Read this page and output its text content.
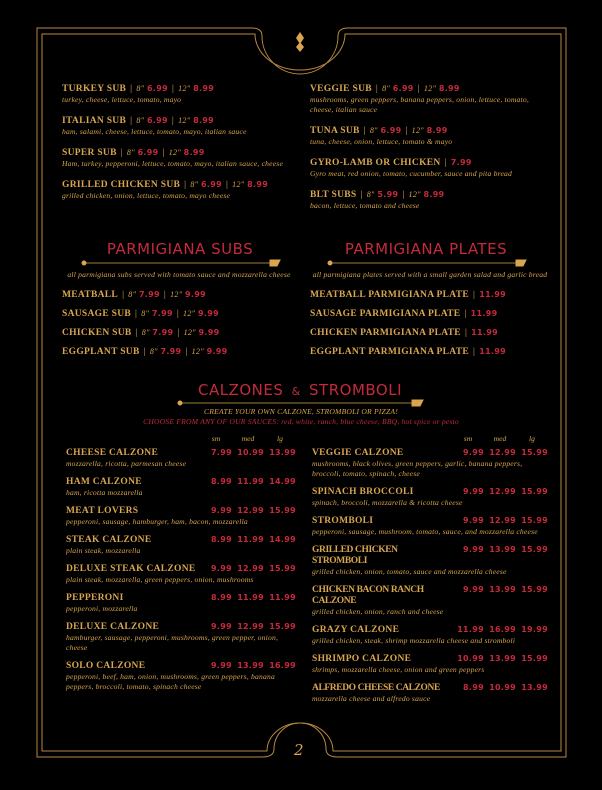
TURKEY SUB | 8" 6.99 | 12" 8.99
turkey, cheese, lettuce, tomato, mayo
ITALIAN SUB | 8" 6.99 | 12" 8.99
ham, salami, cheese, lettuce, tomato, mayo, italian sauce
SUPER SUB | 8" 6.99 | 12" 8.99
Ham, turkey, pepperoni, lettuce, tomato, mayo, italian sauce, cheese
GRILLED CHICKEN SUB | 8" 6.99 | 12" 8.99
grilled chicken, onion, lettuce, tomato, mayo cheese
VEGGIE SUB | 8" 6.99 | 12" 8.99
mushrooms, green peppers, banana peppers, onion, lettuce, tomato, cheese, italian sauce
TUNA SUB | 8" 6.99 | 12" 8.99
tuna, cheese, onion, lettuce, tomato & mayo
GYRO-LAMB OR CHICKEN | 7.99
Gyro meat, red onion, tomato, cucumber, sauce and pita bread
BLT SUBS | 8" 5.99 | 12" 8.99
bacon, lettuce, tomato and cheese
PARMIGIANA SUBS
all parmigiana subs served with tomato sauce and mozzarella cheese
MEATBALL | 8" 7.99 | 12" 9.99
SAUSAGE SUB | 8" 7.99 | 12" 9.99
CHICKEN SUB | 8" 7.99 | 12" 9.99
EGGPLANT SUB | 8" 7.99 | 12" 9.99
PARMIGIANA PLATES
all parmigiana plates served with a small garden salad and garlic bread
MEATBALL PARMIGIANA PLATE | 11.99
SAUSAGE PARMIGIANA PLATE | 11.99
CHICKEN PARMIGIANA PLATE | 11.99
EGGPLANT PARMIGIANA PLATE | 11.99
CALZONES & STROMBOLI
CREATE YOUR OWN CALZONE, STROMBOLI OR PIZZA!
CHOOSE FROM ANY OF OUR SAUCES: red, white, ranch, blue cheese, BBQ, hot spice or pesto
sm	med	lg
CHEESE CALZONE	7.99 10.99 13.99
mozzarella, ricotta, parmesan cheese
HAM CALZONE	8.99 11.99 14.99
ham, ricotta mozzarella
MEAT LOVERS	9.99 12.99 15.99
pepperoni, sausage, hamburger, ham, bacon, mozzarella
STEAK CALZONE	8.99 11.99 14.99
plain steak, mozzarella
DELUXE STEAK CALZONE	9.99 12.99 15.99
plain steak, mozzarella, green peppers, onion, mushrooms
PEPPERONI	8.99 11.99 11.99
pepperoni, mozzarella
DELUXE CALZONE	9.99 12.99 15.99
hamburger, sausage, pepperoni, mushrooms, green pepper, onion, cheese
SOLO CALZONE	9.99 13.99 16.99
pepperoni, beef, ham, onion, mushrooms, green peppers, banana peppers, broccoli, tomato, spinach cheese
sm	med	lg
VEGGIE CALZONE	9.99 12.99 15.99
mushrooms, black olives, green peppers, garlic, banana peppers, broccoli, tomato, spinach, cheese
SPINACH BROCCOLI	9.99 12.99 15.99
spinach, broccoli, mozzarella & ricotta cheese
STROMBOLI	9.99 12.99 15.99
pepperoni, sausage, mushroom, tomato, sauce, and mozzarella cheese
GRILLED CHICKEN STROMBOLI
9.99 13.99 15.99
grilled chicken, onion, tomato, sauce and mozzarella cheese
CHICKEN BACON RANCH CALZONE
9.99 13.99 15.99
grilled chicken, onion, ranch and cheese
GRAZY CALZONE	11.99 16.99 19.99
grilled chicken, steak, shrimp mozzarella cheese and stromboli
SHRIMPO CALZONE	10.99 13.99 15.99
shrimps, mozzarella cheese, onion and green peppers
ALFREDO CHEESE CALZONE	8.99 10.99 13.99
mozzarella cheese and alfredo sauce
2
